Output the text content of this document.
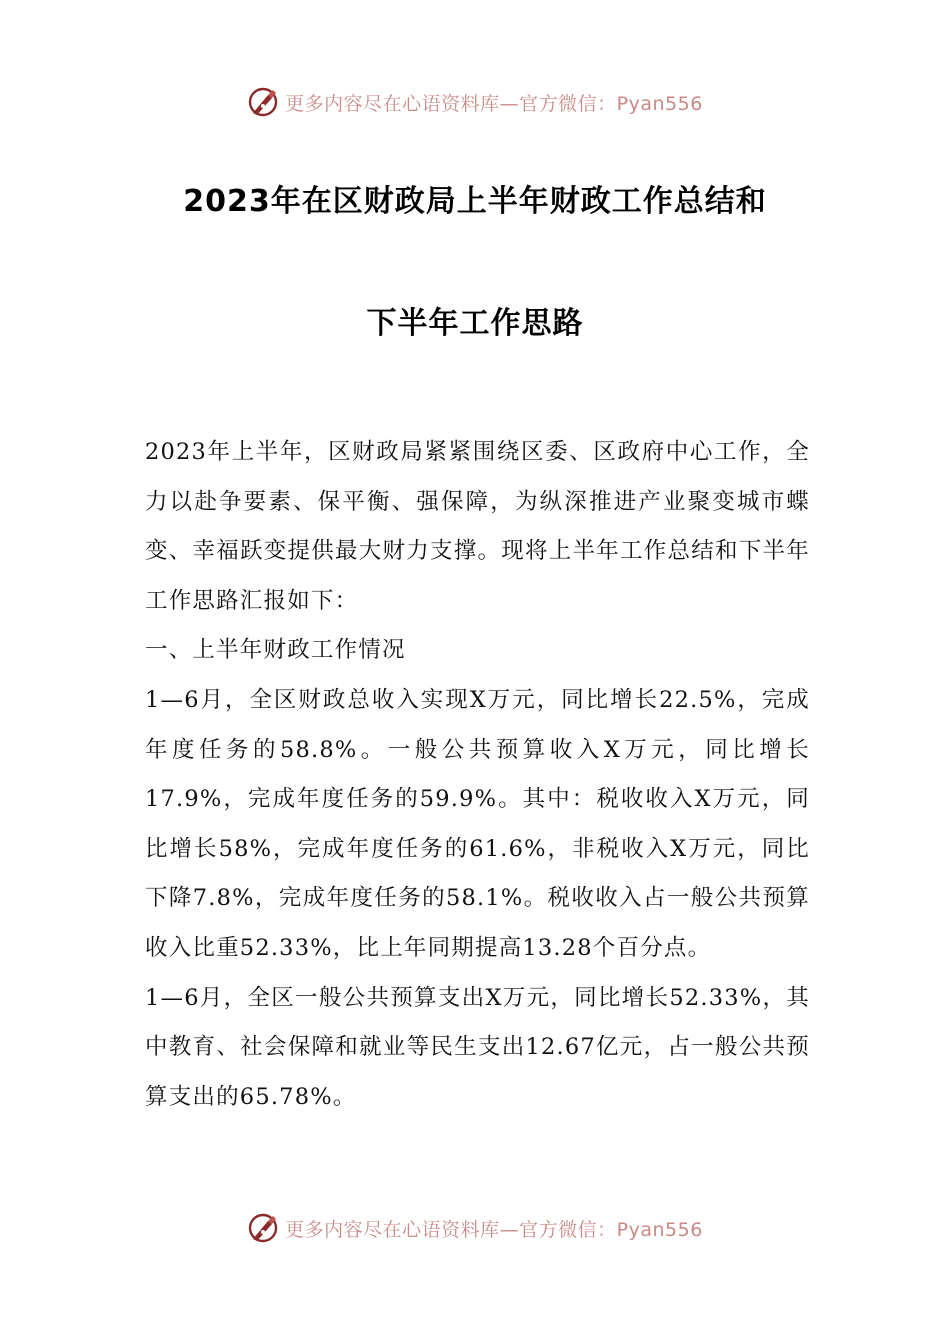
更多内容尽在心语资料库—官方微信：Pyan556
2023年在区财政局上半年财政工作总结和
下半年工作思路

2023年上半年，区财政局紧紧围绕区委、区政府中心工作，全力以赴争要素、保平衡、强保障，为纵深推进产业聚变城市蝶变、幸福跃变提供最大财力支撑。现将上半年工作总结和下半年工作思路汇报如下：

一、上半年财政工作情况

1—6月，全区财政总收入实现X万元，同比增长22.5%，完成年度任务的58.8%。一般公共预算收入X万元，同比增长17.9%，完成年度任务的59.9%。其中：税收收入X万元，同比增长58%，完成年度任务的61.6%，非税收入X万元，同比下降7.8%，完成年度任务的58.1%。税收收入占一般公共预算收入比重52.33%，比上年同期提高13.28个百分点。

1—6月，全区一般公共预算支出X万元，同比增长52.33%，其中教育、社会保障和就业等民生支出12.67亿元，占一般公共预算支出的65.78%。

更多内容尽在心语资料库—官方微信：Pyan556
